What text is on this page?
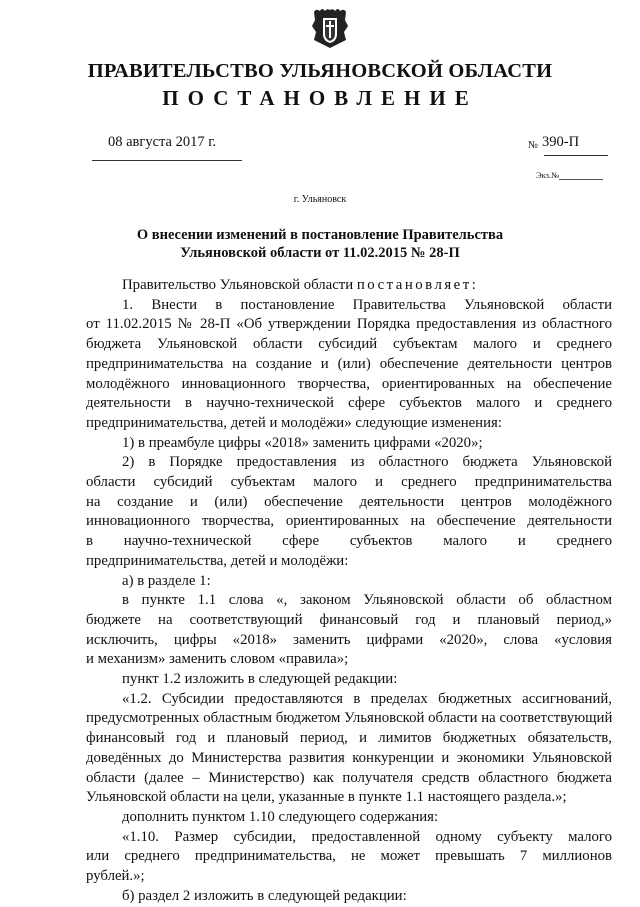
ПРАВИТЕЛЬСТВО УЛЬЯНОВСКОЙ ОБЛАСТИ
ПОСТАНОВЛЕНИЕ
08 августа 2017 г.	№ 390-П
Экз.№
г. Ульяновск
О внесении изменений в постановление Правительства
Ульяновской области от 11.02.2015 № 28-П
Правительство Ульяновской области постановляет:
1. Внести в постановление Правительства Ульяновской области
от 11.02.2015 № 28-П «Об утверждении Порядка предоставления из областного
бюджета Ульяновской области субсидий субъектам малого и среднего
предпринимательства на создание и (или) обеспечение деятельности центров
молодёжного инновационного творчества, ориентированных на обеспечение
деятельности в научно-технической сфере субъектов малого и среднего
предпринимательства, детей и молодёжи» следующие изменения:
1) в преамбуле цифры «2018» заменить цифрами «2020»;
2) в Порядке предоставления из областного бюджета Ульяновской
области субсидий субъектам малого и среднего предпринимательства
на создание и (или) обеспечение деятельности центров молодёжного
инновационного творчества, ориентированных на обеспечение деятельности
в научно-технической сфере субъектов малого и среднего
предпринимательства, детей и молодёжи:
а) в разделе 1:
в пункте 1.1 слова «, законом Ульяновской области об областном
бюджете на соответствующий финансовый год и плановый период,»
исключить, цифры «2018» заменить цифрами «2020», слова «условия
и механизм» заменить словом «правила»;
пункт 1.2 изложить в следующей редакции:
«1.2. Субсидии предоставляются в пределах бюджетных ассигнований,
предусмотренных областным бюджетом Ульяновской области на соответствующий
финансовый год и плановый период, и лимитов бюджетных обязательств,
доведённых до Министерства развития конкуренции и экономики Ульяновской
области (далее – Министерство) как получателя средств областного бюджета
Ульяновской области на цели, указанные в пункте 1.1 настоящего раздела.»;
дополнить пунктом 1.10 следующего содержания:
«1.10. Размер субсидии, предоставленной одному субъекту малого
или среднего предпринимательства, не может превышать 7 миллионов
рублей.»;
б) раздел 2 изложить в следующей редакции:
